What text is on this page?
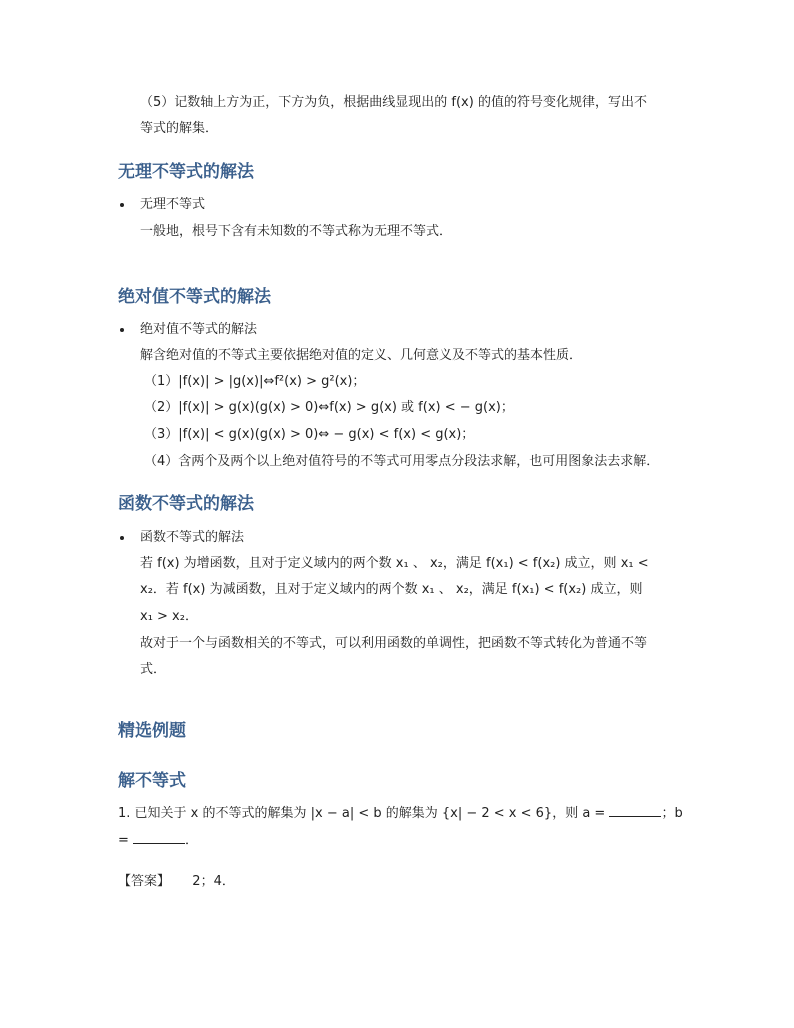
（5）记数轴上方为正，下方为负，根据曲线显现出的 f(x) 的值的符号变化规律，写出不
等式的解集．
无理不等式的解法
无理不等式
一般地，根号下含有未知数的不等式称为无理不等式．
绝对值不等式的解法
绝对值不等式的解法
解含绝对值的不等式主要依据绝对值的定义、几何意义及不等式的基本性质．
（1）|f(x)| > |g(x)|⇔f²(x) > g²(x)；
（2）|f(x)| > g(x)(g(x) > 0)⇔f(x) > g(x) 或 f(x) < − g(x)；
（3）|f(x)| < g(x)(g(x) > 0)⇔ − g(x) < f(x) < g(x)；
（4）含两个及两个以上绝对值符号的不等式可用零点分段法求解，也可用图象法去求解．
函数不等式的解法
函数不等式的解法
若 f(x) 为增函数，且对于定义域内的两个数 x₁ 、 x₂，满足 f(x₁) < f(x₂) 成立，则 x₁ <
x₂．若 f(x) 为减函数，且对于定义域内的两个数 x₁ 、 x₂，满足 f(x₁) < f(x₂) 成立，则
x₁ > x₂．
故对于一个与函数相关的不等式，可以利用函数的单调性，把函数不等式转化为普通不等
式．
精选例题
解不等式
1. 已知关于 x 的不等式的解集为 |x − a| < b 的解集为 {x| − 2 < x < 6}，则 a =	；b
=	．
【答案】 2；4．
